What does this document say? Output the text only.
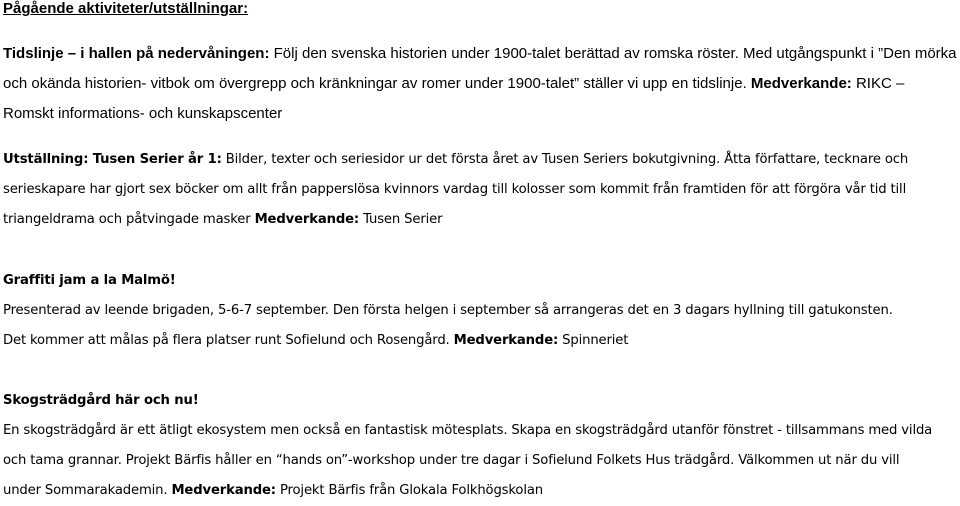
Pågående aktiviteter/utställningar:
Tidslinje – i hallen på nedervåningen: Följ den svenska historien under 1900-talet berättad av romska röster. Med utgångspunkt i ”Den mörka
och okända historien- vitbok om övergrepp och kränkningar av romer under 1900-talet” ställer vi upp en tidslinje. Medverkande: RIKC –
Romskt informations- och kunskapscenter
Utställning: Tusen Serier år 1: Bilder, texter och seriesidor ur det första året av Tusen Seriers bokutgivning. Åtta författare, tecknare och
serieskapare har gjort sex böcker om allt från papperslösa kvinnors vardag till kolosser som kommit från framtiden för att förgöra vår tid till
triangeldrama och påtvingade masker Medverkande: Tusen Serier
Graffiti jam a la Malmö!
Presenterad av leende brigaden, 5-6-7 september. Den första helgen i september så arrangeras det en 3 dagars hyllning till gatukonsten.
Det kommer att målas på flera platser runt Sofielund och Rosengård. Medverkande: Spinneriet
Skogsträdgård här och nu!
En skogsträdgård är ett ätligt ekosystem men också en fantastisk mötesplats. Skapa en skogsträdgård utanför fönstret - tillsammans med vilda
och tama grannar. Projekt Bärfis håller en “hands on”-workshop under tre dagar i Sofielund Folkets Hus trädgård. Välkommen ut när du vill
under Sommarakademin. Medverkande: Projekt Bärfis från Glokala Folkhögskolan
